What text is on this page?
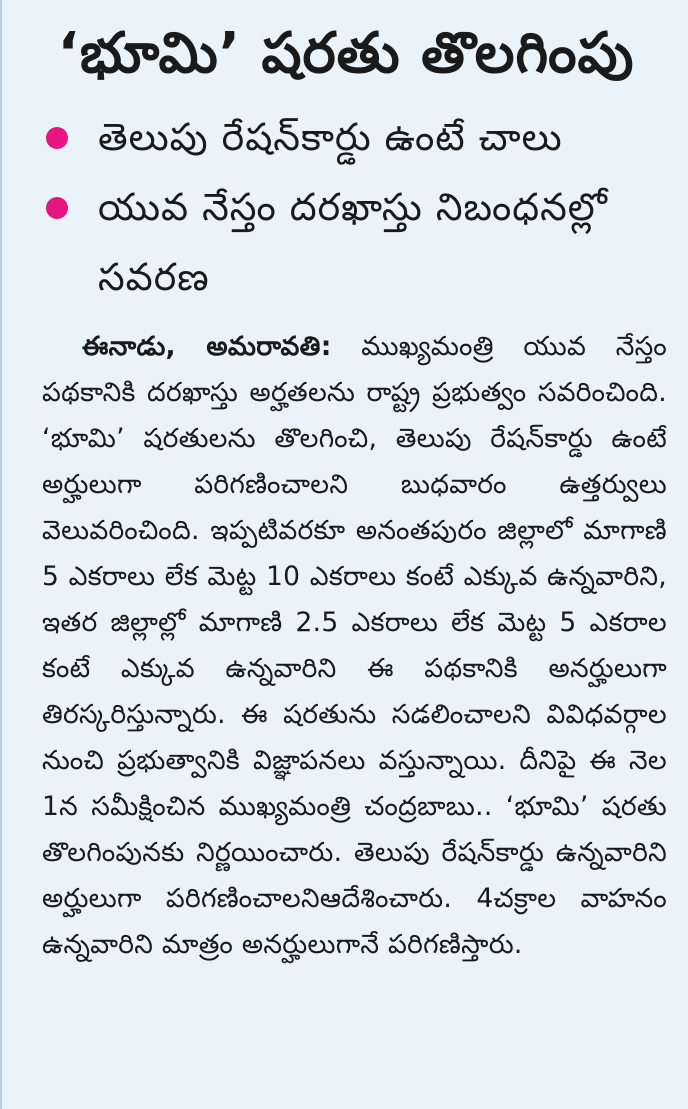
‘భూమి’ షరతు తొలగింపు
తెలుపు రేషన్‌కార్డు ఉంటే చాలు
యువ నేస్తం దరఖాస్తు నిబంధనల్లో సవరణ

ఈనాడు, అమరావతి: ముఖ్యమంత్రి యువ నేస్తం పథకానికి దరఖాస్తు అర్హతలను రాష్ట్ర ప్రభుత్వం సవరించింది. ‘భూమి’ షరతులను తొలగించి, తెలుపు రేషన్‌కార్డు ఉంటే అర్హులుగా పరిగణించాలని బుధవారం ఉత్తర్వులు వెలువరించింది. ఇప్పటివరకూ అనంతపురం జిల్లాలో మాగాణి 5 ఎకరాలు లేక మెట్ట 10 ఎకరాలు కంటే ఎక్కువ ఉన్నవారిని, ఇతర జిల్లాల్లో మాగాణి 2.5 ఎకరాలు లేక మెట్ట 5 ఎకరాల కంటే ఎక్కువ ఉన్నవారిని ఈ పథకానికి అనర్హులుగా తిరస్కరిస్తున్నారు. ఈ షరతును సడలించాలని వివిధవర్గాల నుంచి ప్రభుత్వానికి విజ్ఞాపనలు వస్తున్నాయి. దీనిపై ఈ నెల 1న సమీక్షించిన ముఖ్యమంత్రి చంద్రబాబు.. ‘భూమి’ షరతు తొలగింపునకు నిర్ణయించారు. తెలుపు రేషన్‌కార్డు ఉన్నవారిని అర్హులుగా పరిగణించాలనిఆదేశించారు. 4చక్రాల వాహనం ఉన్నవారిని మాత్రం అనర్హులుగానే పరిగణిస్తారు.
